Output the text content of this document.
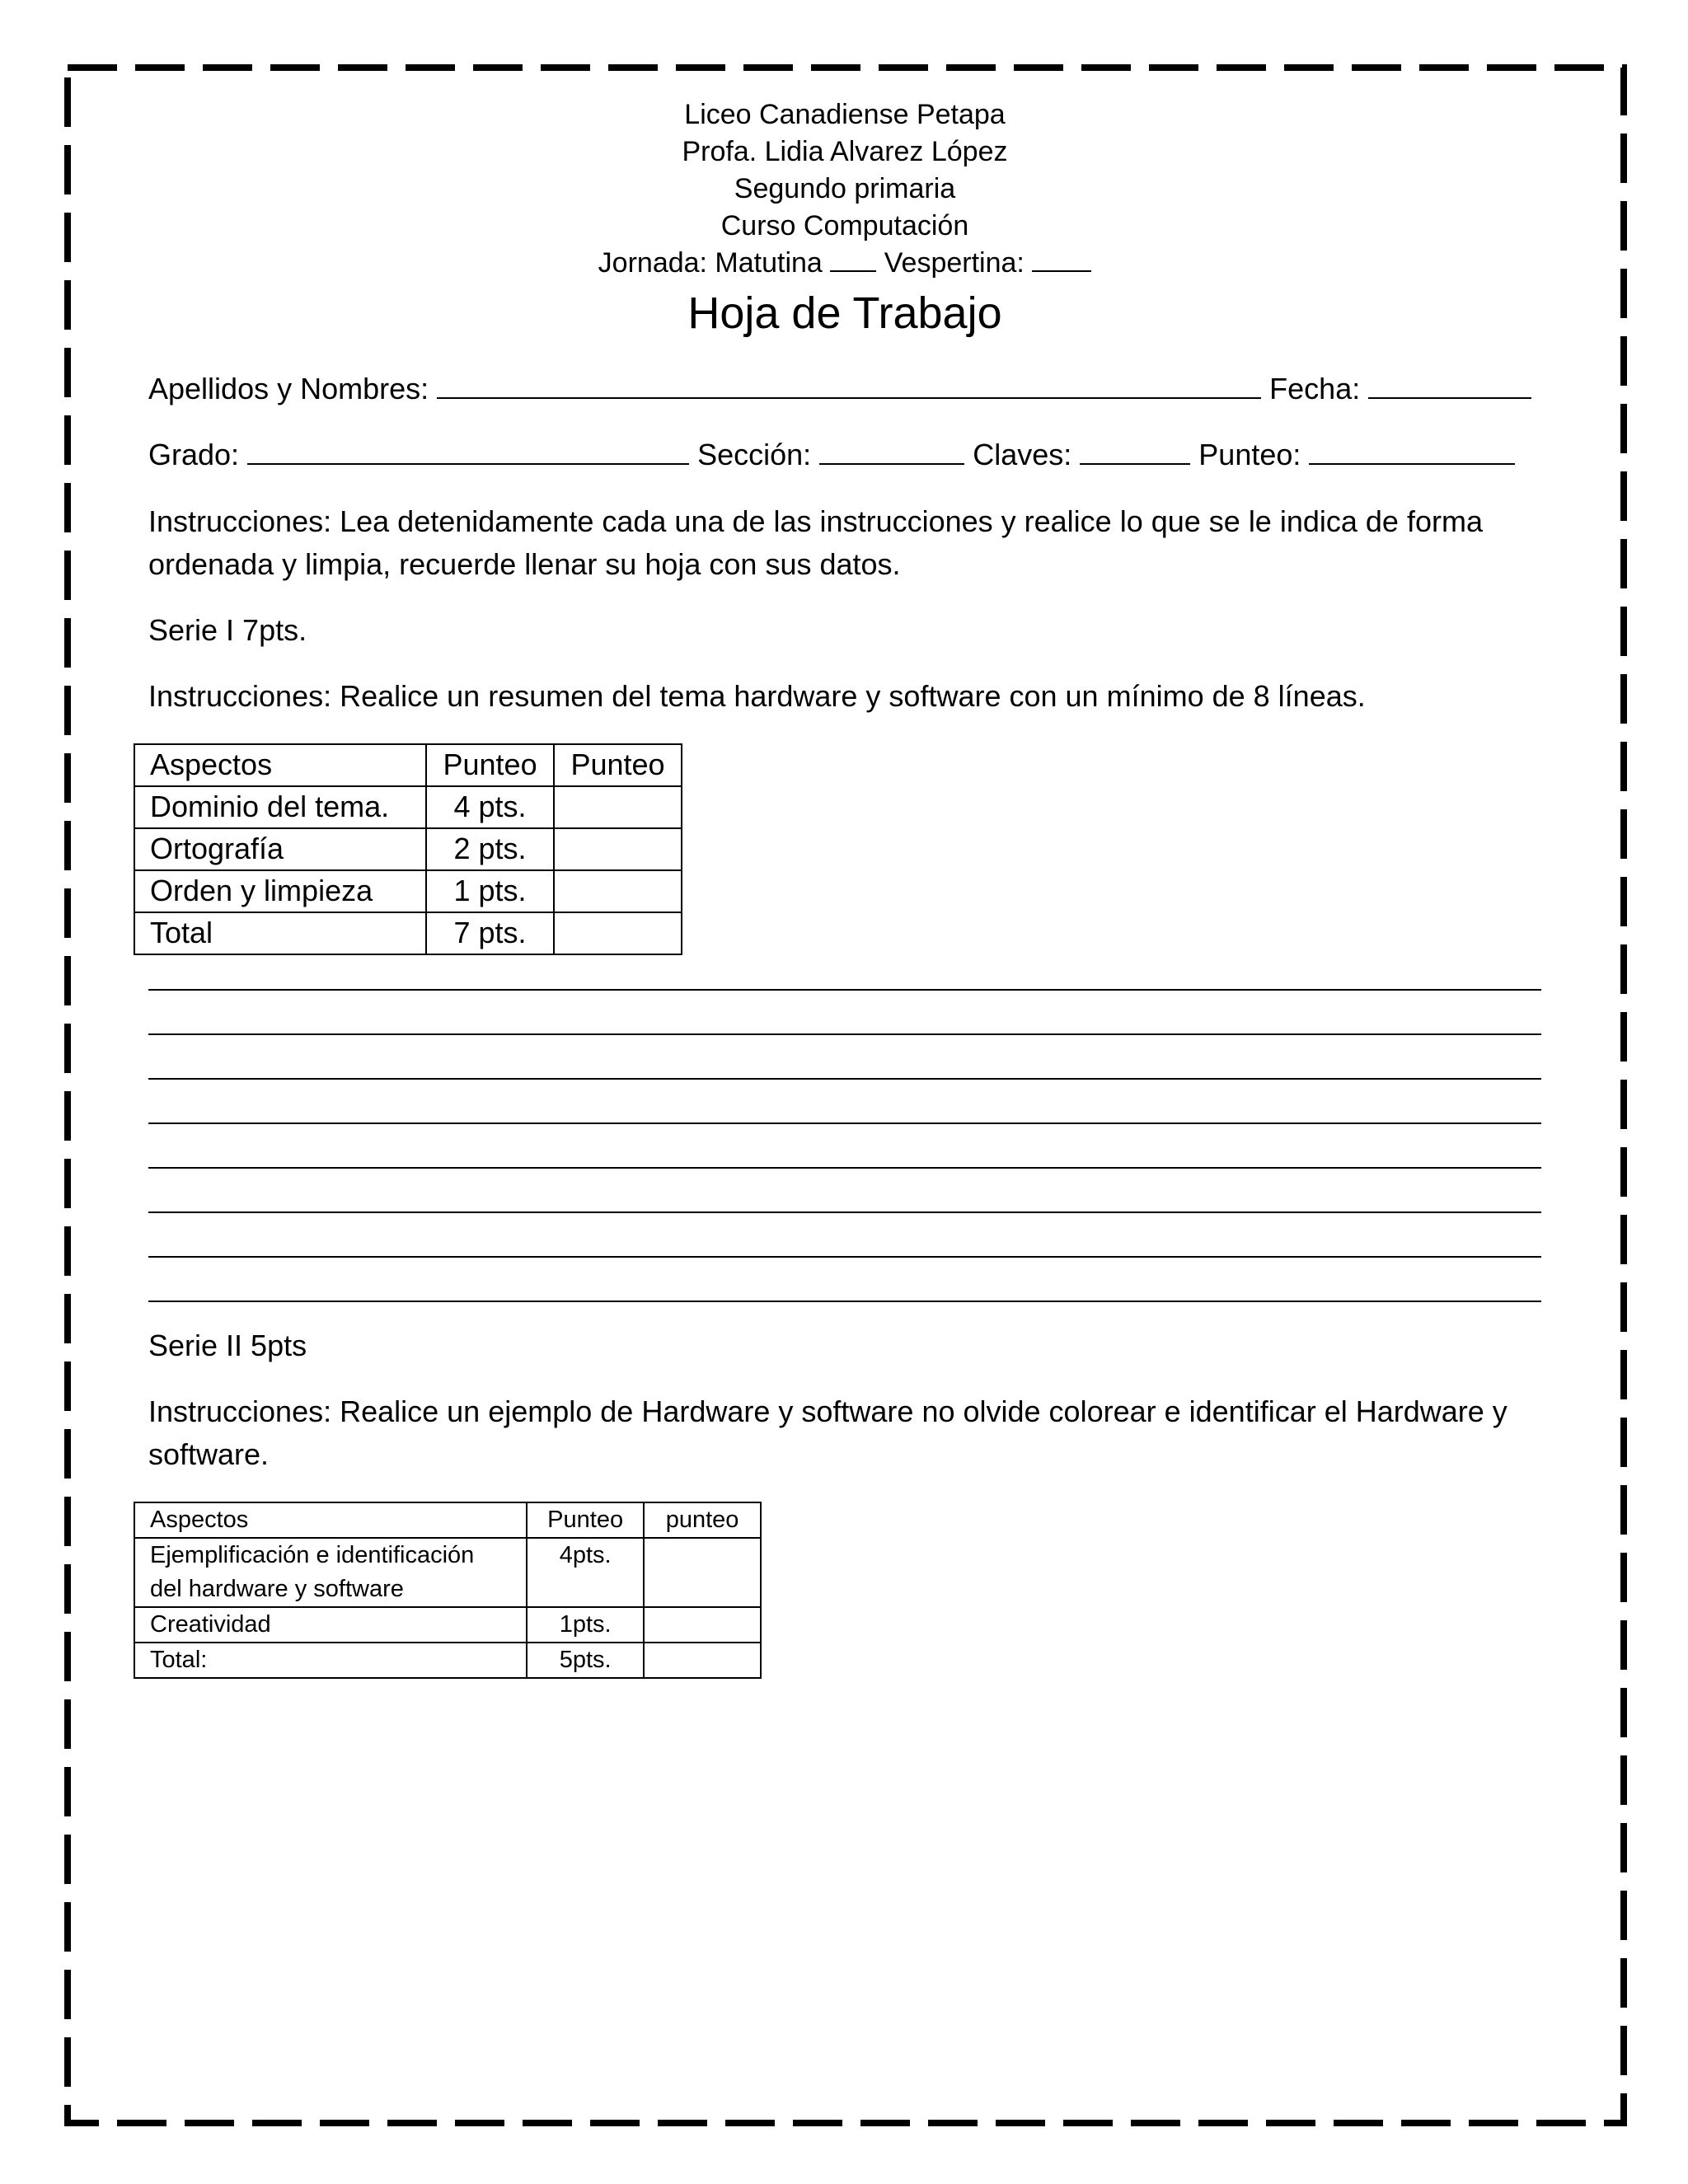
Liceo Canadiense Petapa
Profa. Lidia Alvarez López
Segundo primaria
Curso Computación
Jornada: Matutina Vespertina:
Hoja de Trabajo
Apellidos y Nombres:	Fecha:
Grado:	Sección:	Claves:	Punteo:
Instrucciones: Lea detenidamente cada una de las instrucciones y realice lo que se le indica de forma ordenada y limpia, recuerde llenar su hoja con sus datos.
Serie I 7pts.
Instrucciones: Realice un resumen del tema hardware y software con un mínimo de 8 líneas.
Aspectos	Punteo	Punteo
Dominio del tema.	4 pts.	
Ortografía	2 pts.	
Orden y limpieza	1 pts.	
Total	7 pts.	
Serie II 5pts
Instrucciones: Realice un ejemplo de Hardware y software no olvide colorear e identificar el Hardware y software.
Aspectos	Punteo	punteo
Ejemplificación e identificación del hardware y software	4pts.	
Creatividad	1pts.	
Total:	5pts.	
